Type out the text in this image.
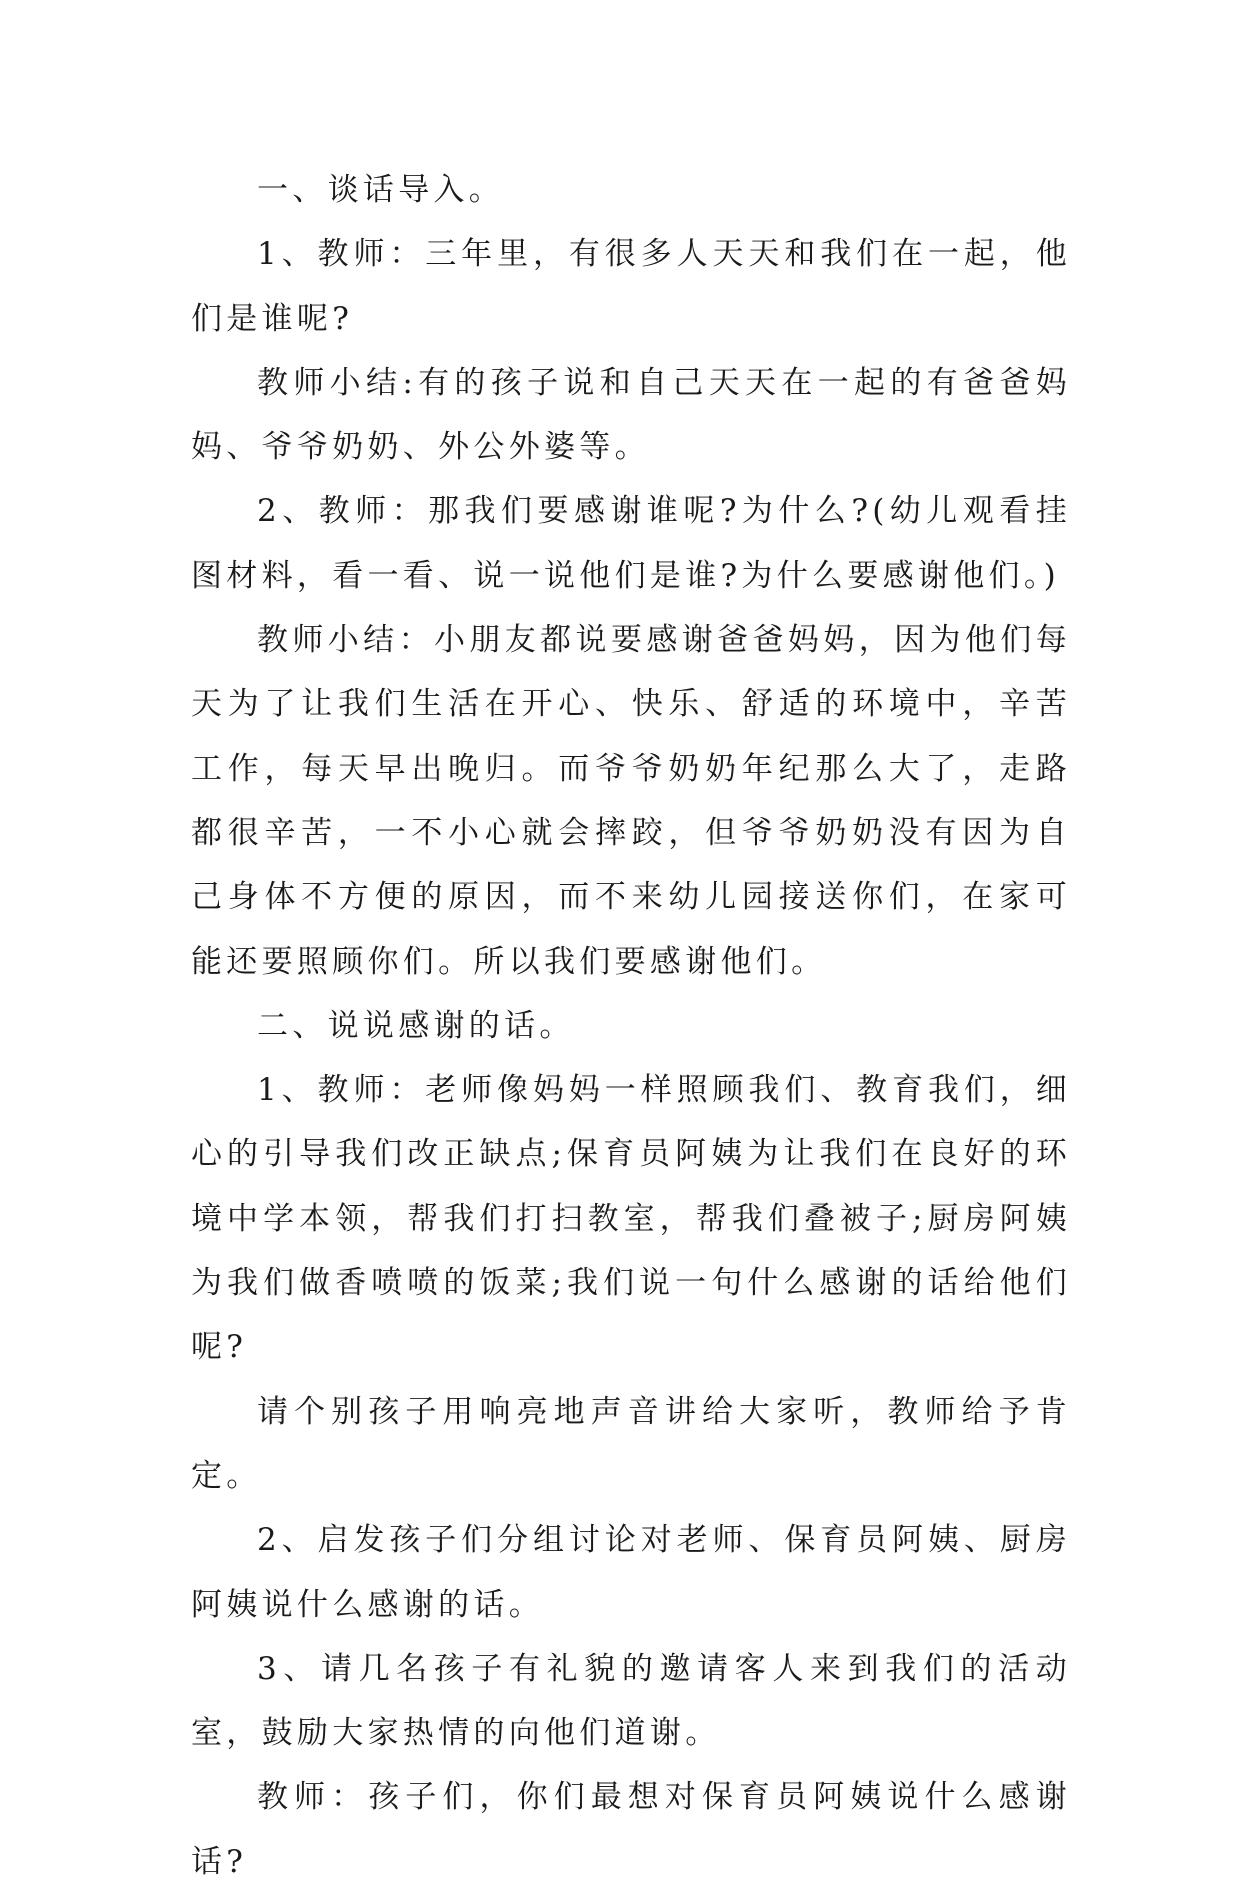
一、谈话导入。

1、教师：三年里，有很多人天天和我们在一起，他们是谁呢?

教师小结:有的孩子说和自己天天在一起的有爸爸妈妈、爷爷奶奶、外公外婆等。

2、教师：那我们要感谢谁呢?为什么?(幼儿观看挂图材料，看一看、说一说他们是谁?为什么要感谢他们。)

教师小结：小朋友都说要感谢爸爸妈妈，因为他们每天为了让我们生活在开心、快乐、舒适的环境中，辛苦工作，每天早出晚归。而爷爷奶奶年纪那么大了，走路都很辛苦，一不小心就会摔跤，但爷爷奶奶没有因为自己身体不方便的原因，而不来幼儿园接送你们，在家可能还要照顾你们。所以我们要感谢他们。

二、说说感谢的话。

1、教师：老师像妈妈一样照顾我们、教育我们，细心的引导我们改正缺点;保育员阿姨为让我们在良好的环境中学本领，帮我们打扫教室，帮我们叠被子;厨房阿姨为我们做香喷喷的饭菜;我们说一句什么感谢的话给他们呢?

请个别孩子用响亮地声音讲给大家听，教师给予肯定。

2、启发孩子们分组讨论对老师、保育员阿姨、厨房阿姨说什么感谢的话。

3、请几名孩子有礼貌的邀请客人来到我们的活动室，鼓励大家热情的向他们道谢。

教师：孩子们，你们最想对保育员阿姨说什么感谢话?
